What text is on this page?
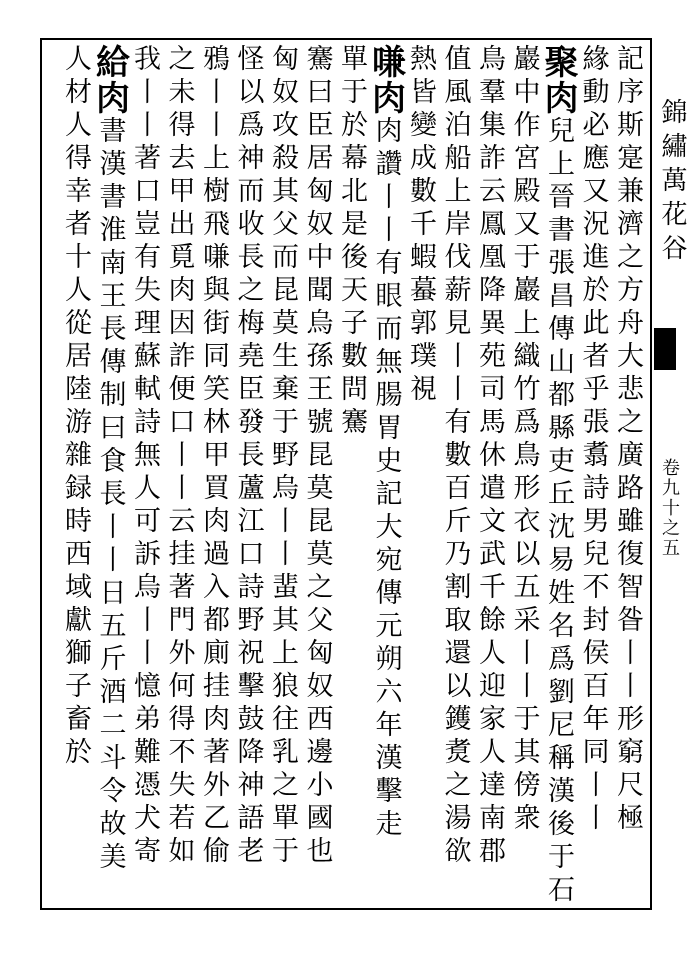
錦繡萬花谷
卷九十之五
記序斯寔兼濟之方舟大悲之廣路雖復智昝丨丨形窮尺極
緣動必應又況進於此者乎張翥詩男兒不封侯百年同丨丨
聚肉兒上晉書張昌傳山都縣吏丘沈易姓名爲劉尼稱漢後于石
巖中作宮殿又于巖上織竹爲鳥形衣以五采丨丨于其傍衆
鳥羣集詐云鳳凰降異苑司馬休遣文武千餘人迎家人達南郡
值風泊船上岸伐薪見丨丨有數百斤乃割取還以鑊煑之湯欲
熱皆變成數千蝦蟇郭璞視
嗛肉肉讚丨丨有眼而無腸胃史記大宛傳元朔六年漢擊走
單于於幕北是後天子數問騫
騫曰臣居匈奴中聞烏孫王號昆莫昆莫之父匈奴西邊小國也
匈奴攻殺其父而昆莫生棄于野烏丨丨蜚其上狼往乳之單于
怪以爲神而收長之梅堯臣發長蘆江口詩野祝擊鼓降神語老
鴉丨丨上樹飛嗛與街同笑林甲買肉過入都廁挂肉著外乙偷
之未得去甲出覓肉因詐便口丨丨云挂著門外何得不失若如
我丨丨著口豈有失理蘇軾詩無人可訴烏丨丨憶弟難憑犬寄
給肉書漢書淮南王長傳制曰食長丨丨日五斤酒二斗令故美
人材人得幸者十人從居陸游雜録時西域獻獅子畜於
